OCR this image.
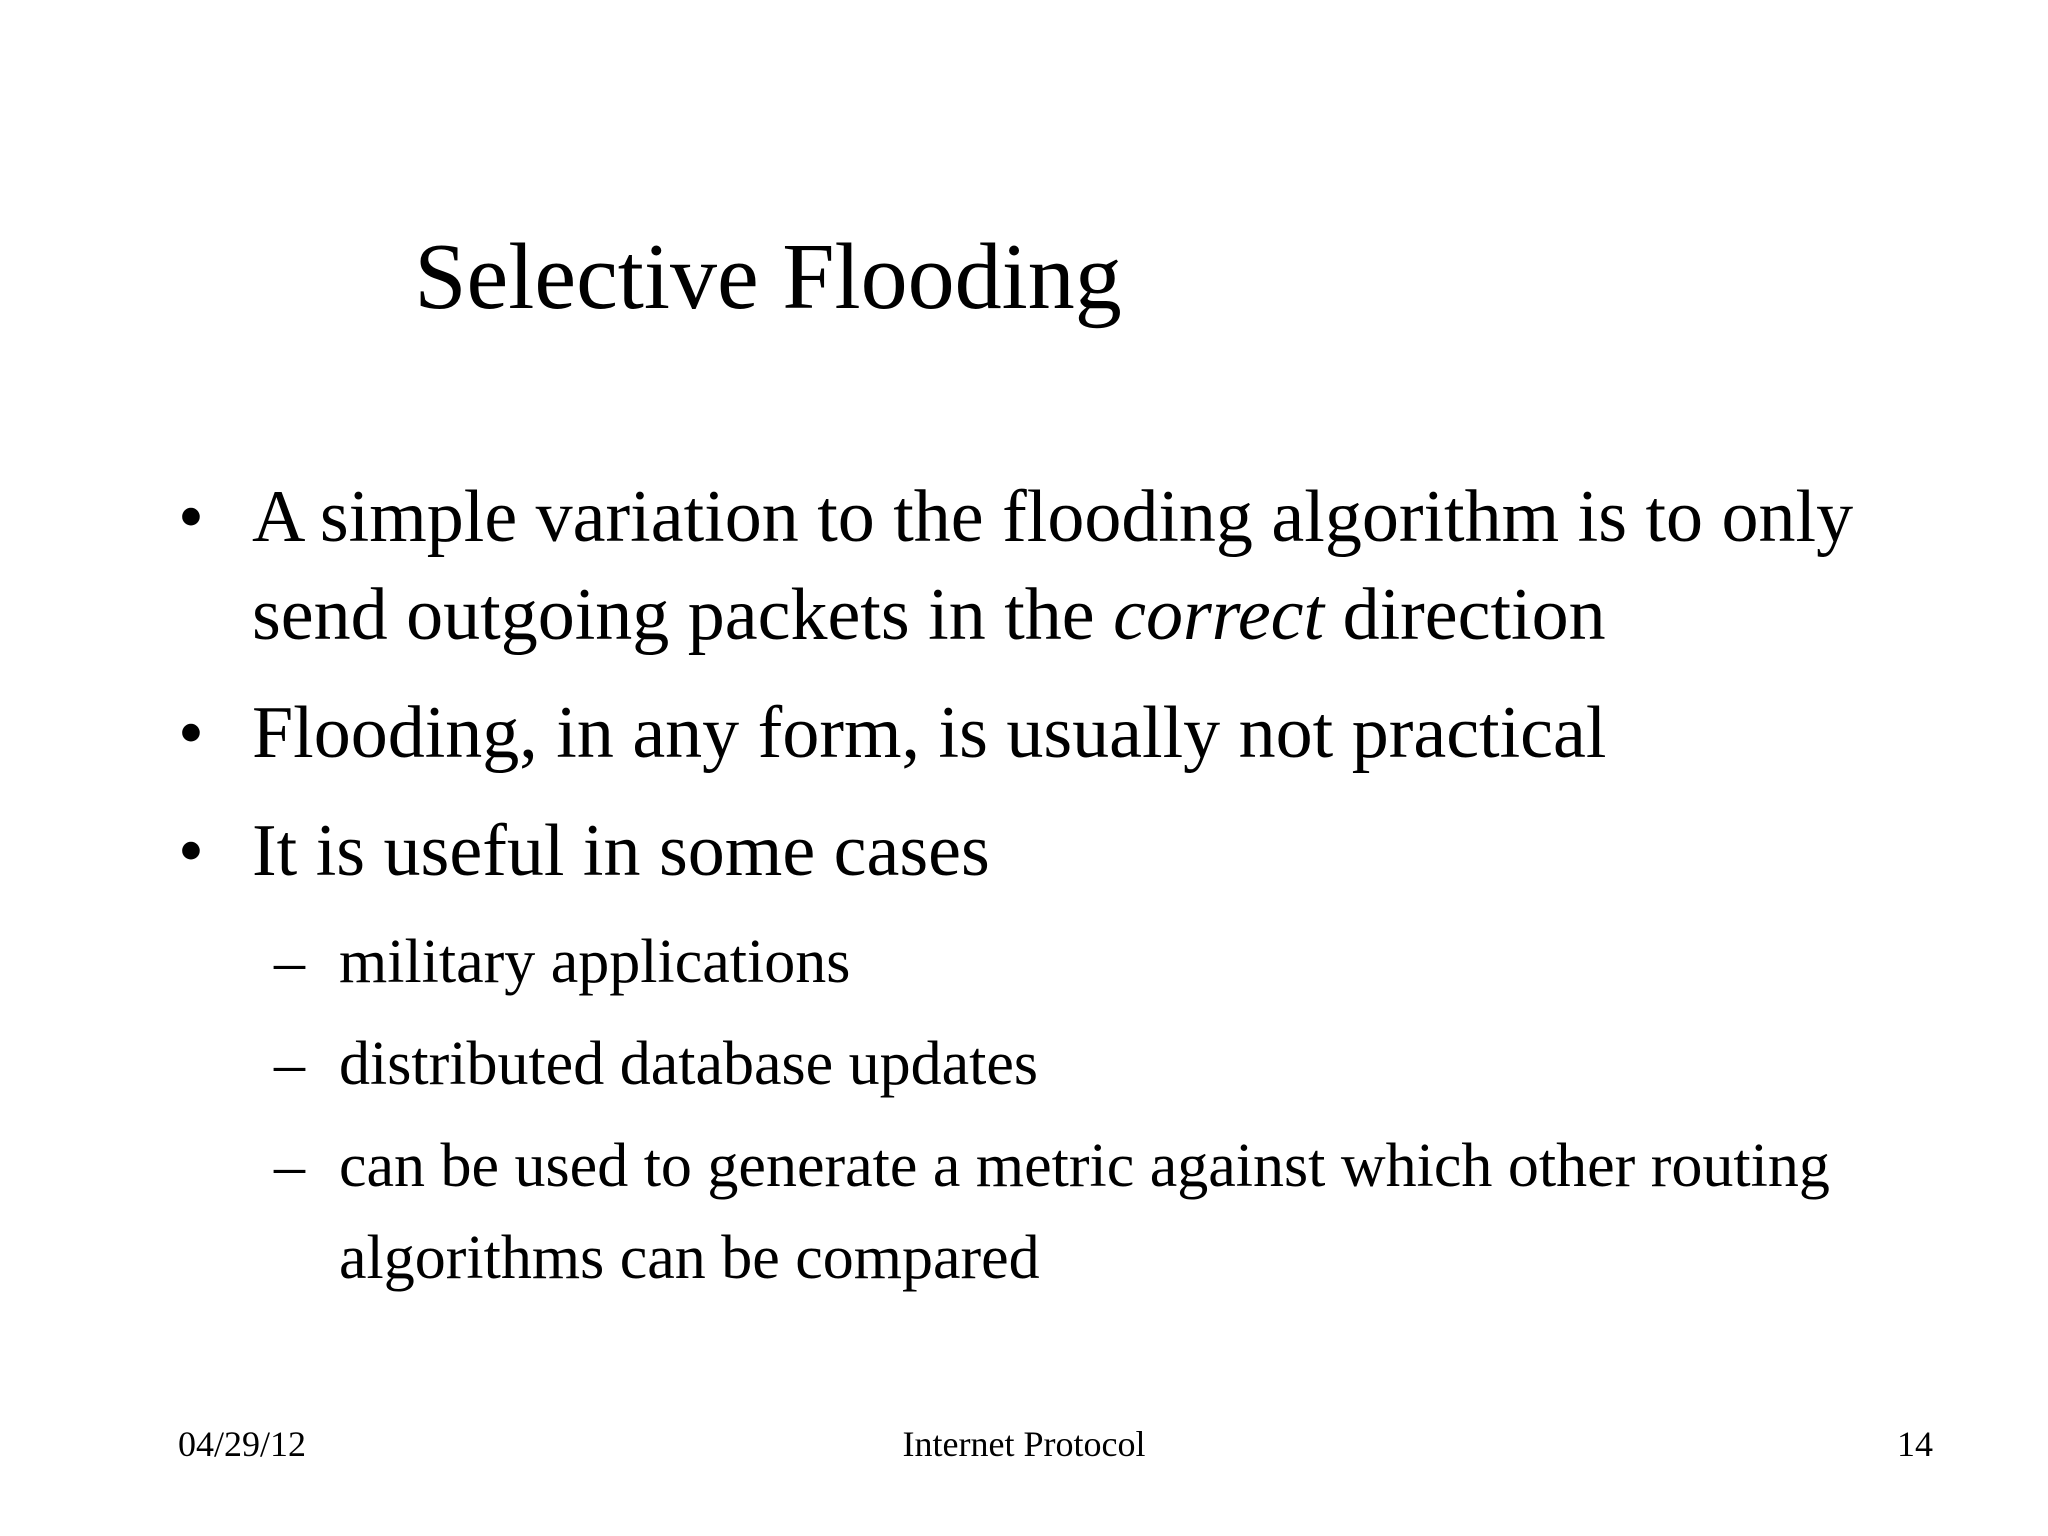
Selective Flooding
• A simple variation to the flooding algorithm is to only send outgoing packets in the correct direction
• Flooding, in any form, is usually not practical
• It is useful in some cases
– military applications
– distributed database updates
– can be used to generate a metric against which other routing algorithms can be compared
04/29/12	Internet Protocol	14
